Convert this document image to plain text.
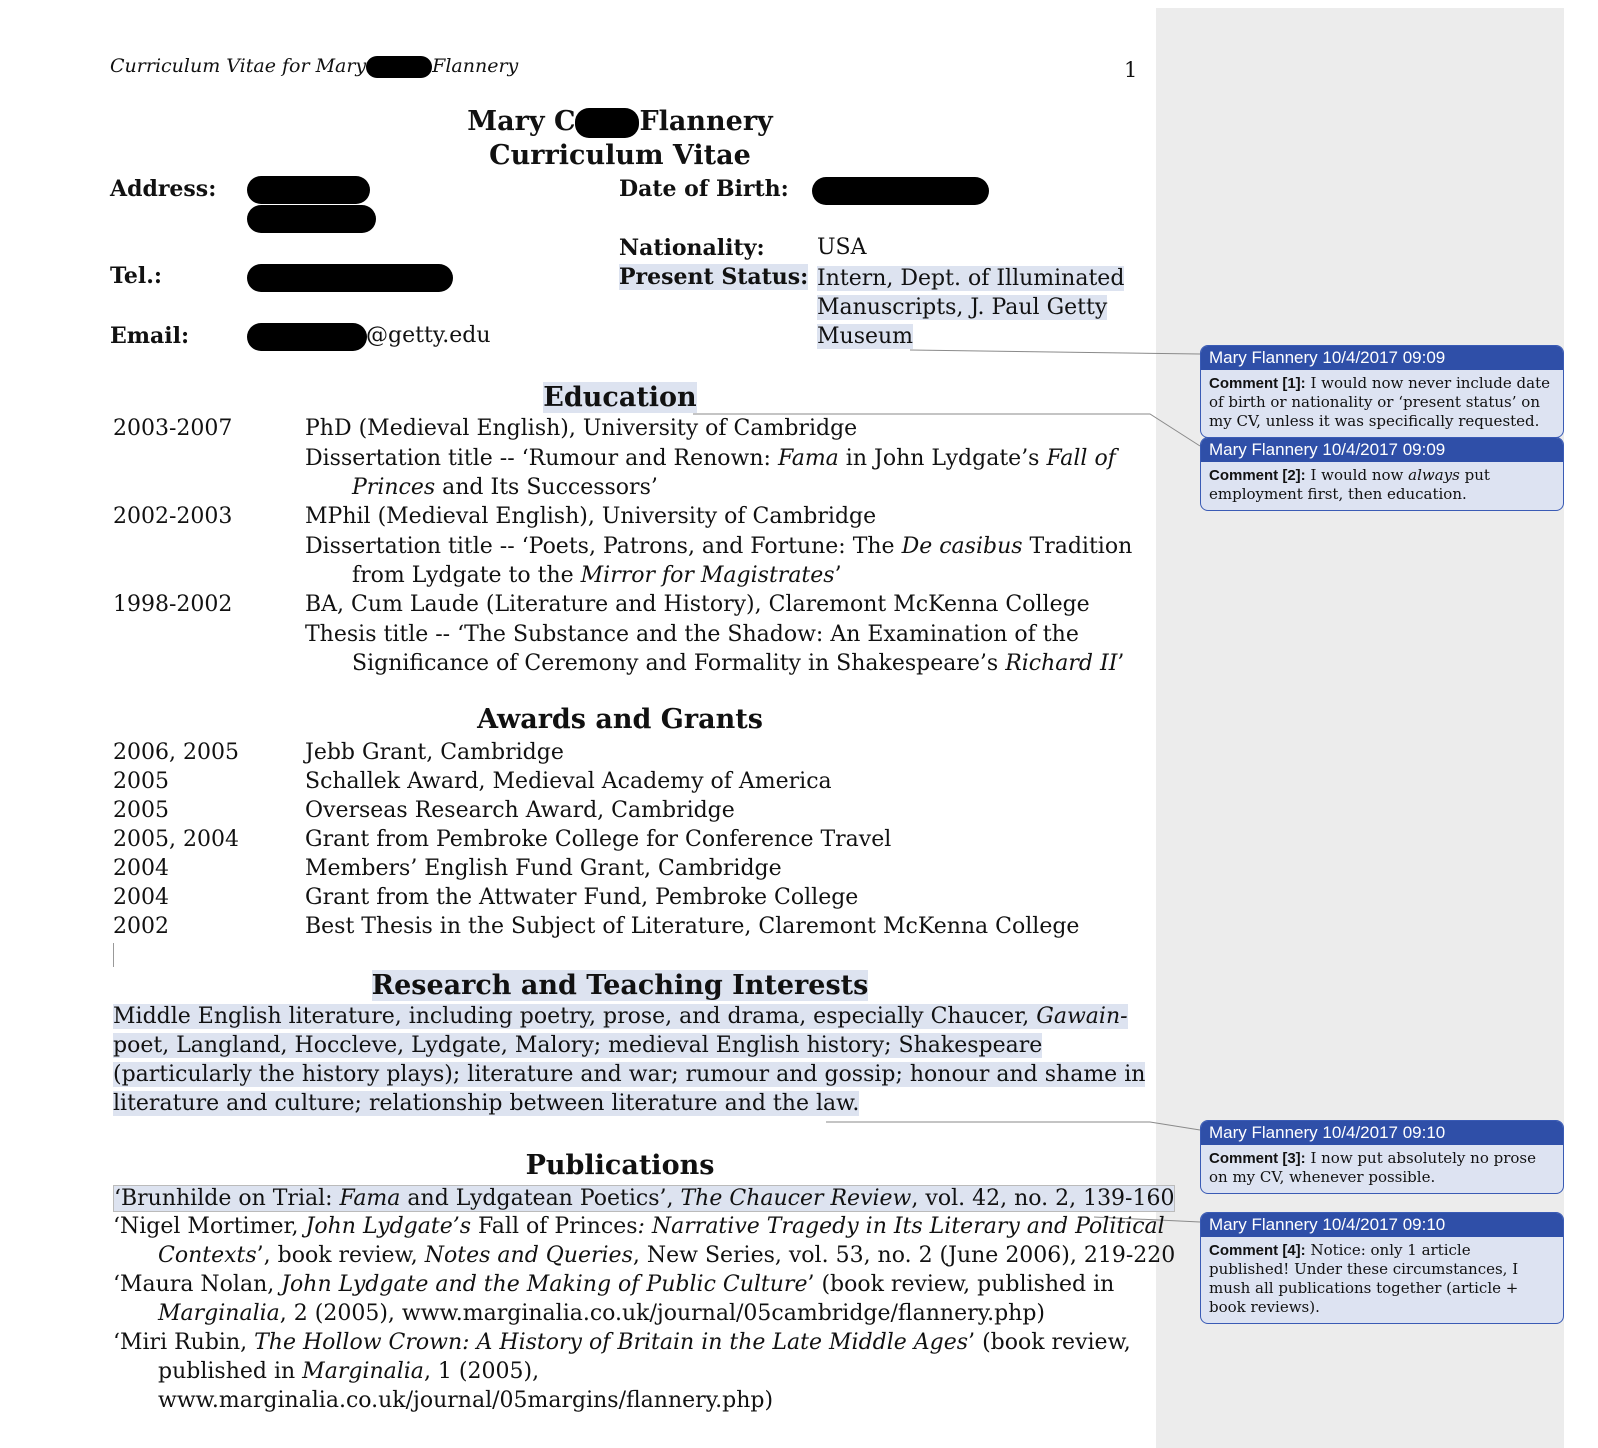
Curriculum Vitae for Mary	Flannery	1
Mary C Flannery
Curriculum Vitae
Address:
Tel.:
Email:	@getty.edu
Date of Birth:
Nationality: USA
Present Status: Intern, Dept. of Illuminated
Manuscripts, J. Paul Getty
Museum
Education
2003-2007	PhD (Medieval English), University of Cambridge
Dissertation title -- ‘Rumour and Renown: Fama in John Lydgate’s Fall of
Princes and Its Successors’
2002-2003	MPhil (Medieval English), University of Cambridge
Dissertation title -- ‘Poets, Patrons, and Fortune: The De casibus Tradition
from Lydgate to the Mirror for Magistrates’
1998-2002	BA, Cum Laude (Literature and History), Claremont McKenna College
Thesis title -- ‘The Substance and the Shadow: An Examination of the
Significance of Ceremony and Formality in Shakespeare’s Richard II’
Awards and Grants
2006, 2005	Jebb Grant, Cambridge
2005	Schallek Award, Medieval Academy of America
2005	Overseas Research Award, Cambridge
2005, 2004	Grant from Pembroke College for Conference Travel
2004	Members’ English Fund Grant, Cambridge
2004	Grant from the Attwater Fund, Pembroke College
2002	Best Thesis in the Subject of Literature, Claremont McKenna College
Research and Teaching Interests
Middle English literature, including poetry, prose, and drama, especially Chaucer, Gawain-
poet, Langland, Hoccleve, Lydgate, Malory; medieval English history; Shakespeare
(particularly the history plays); literature and war; rumour and gossip; honour and shame in
literature and culture; relationship between literature and the law.
Publications
‘Brunhilde on Trial: Fama and Lydgatean Poetics’, The Chaucer Review, vol. 42, no. 2, 139-160
‘Nigel Mortimer, John Lydgate’s Fall of Princes: Narrative Tragedy in Its Literary and Political
Contexts’, book review, Notes and Queries, New Series, vol. 53, no. 2 (June 2006), 219-220
‘Maura Nolan, John Lydgate and the Making of Public Culture’ (book review, published in
Marginalia, 2 (2005), www.marginalia.co.uk/journal/05cambridge/flannery.php)
‘Miri Rubin, The Hollow Crown: A History of Britain in the Late Middle Ages’ (book review,
published in Marginalia, 1 (2005),
www.marginalia.co.uk/journal/05margins/flannery.php)
Mary Flannery 10/4/2017 09:09
Comment [1]: I would now never include date of birth or nationality or ‘present status’ on my CV, unless it was specifically requested.
Mary Flannery 10/4/2017 09:09
Comment [2]: I would now always put employment first, then education.
Mary Flannery 10/4/2017 09:10
Comment [3]: I now put absolutely no prose on my CV, whenever possible.
Mary Flannery 10/4/2017 09:10
Comment [4]: Notice: only 1 article published! Under these circumstances, I mush all publications together (article + book reviews).
